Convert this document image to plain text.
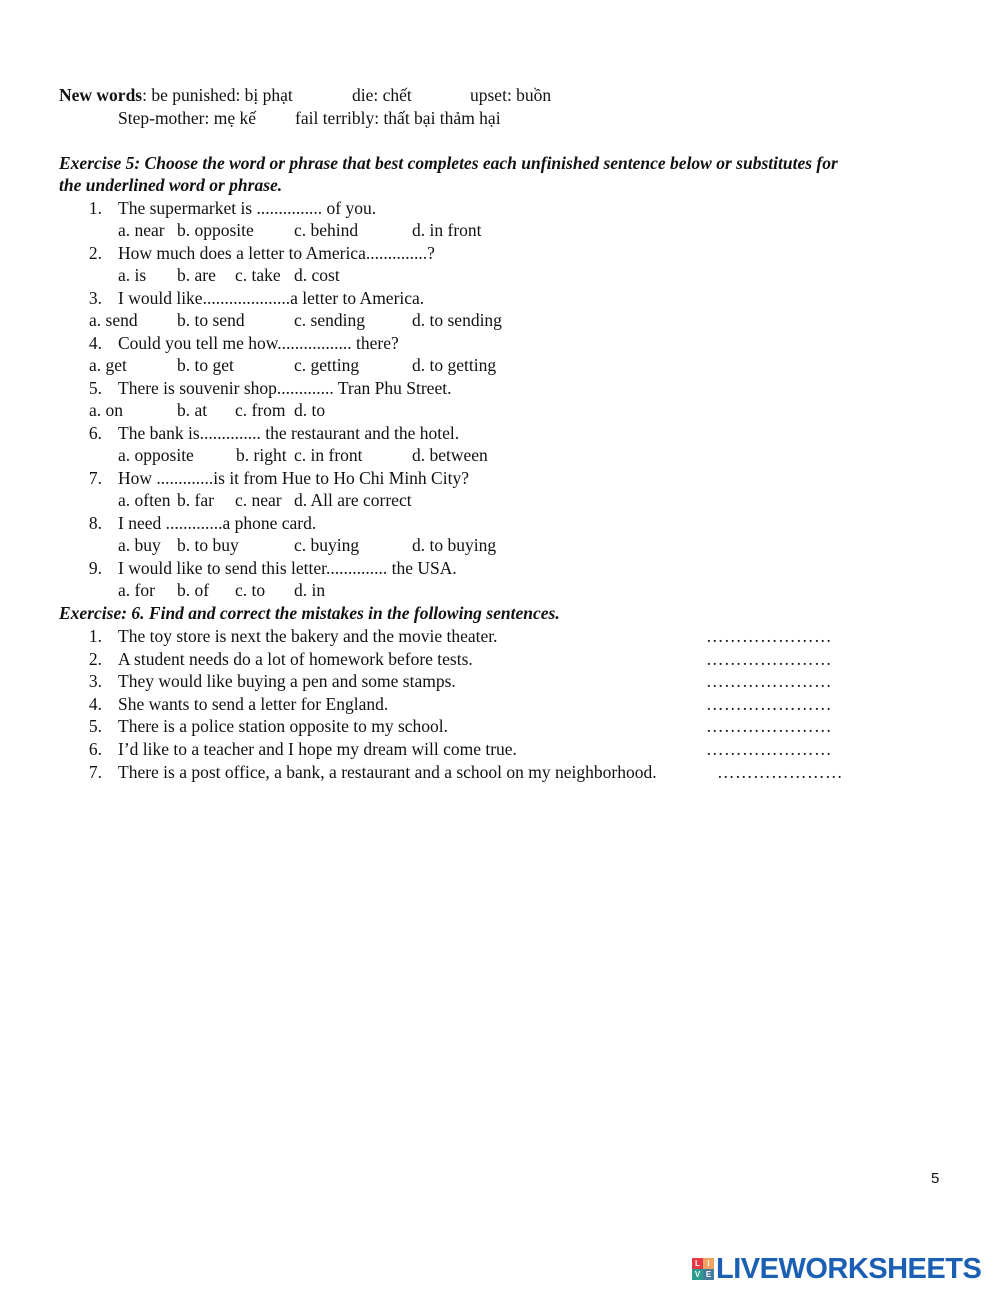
New words: be punished: bị phạt	die: chết	upset: buồn
Step-mother: mẹ kế fail terribly: thất bại thảm hại
Exercise 5: Choose the word or phrase that best completes each unfinished sentence below or substitutes for
the underlined word or phrase.
1. The supermarket is ............... of you.
a. near b. opposite c. behind	d. in front
2. How much does a letter to America..............?
a. is b. are c. take d. cost
3. I would like....................a letter to America.
a. send b. to send	c. sending	d. to sending
4. Could you tell me how................. there?
a. get	b. to get	c. getting	d. to getting
5. There is souvenir shop............. Tran Phu Street.
a. on	b. at c. from d. to
6. The bank is.............. the restaurant and the hotel.
a. opposite b. right c. in front	d. between
7. How .............is it from Hue to Ho Chi Minh City?
a. often b. far c. near d. All are correct
8. I need .............a phone card.
a. buy b. to buy	c. buying	d. to buying
9. I would like to send this letter.............. the USA.
a. for b. of c. to d. in
Exercise: 6. Find and correct the mistakes in the following sentences.
1. The toy store is next the bakery and the movie theater.	…………………
2. A student needs do a lot of homework before tests.	…………………
3. They would like buying a pen and some stamps.	…………………
4. She wants to send a letter for England.	…………………
5. There is a police station opposite to my school.	…………………
6. I’d like to a teacher and I hope my dream will come true.	…………………
7. There is a post office, a bank, a restaurant and a school on my neighborhood.	…………………
5
L I
V E LIVEWORKSHEETS
